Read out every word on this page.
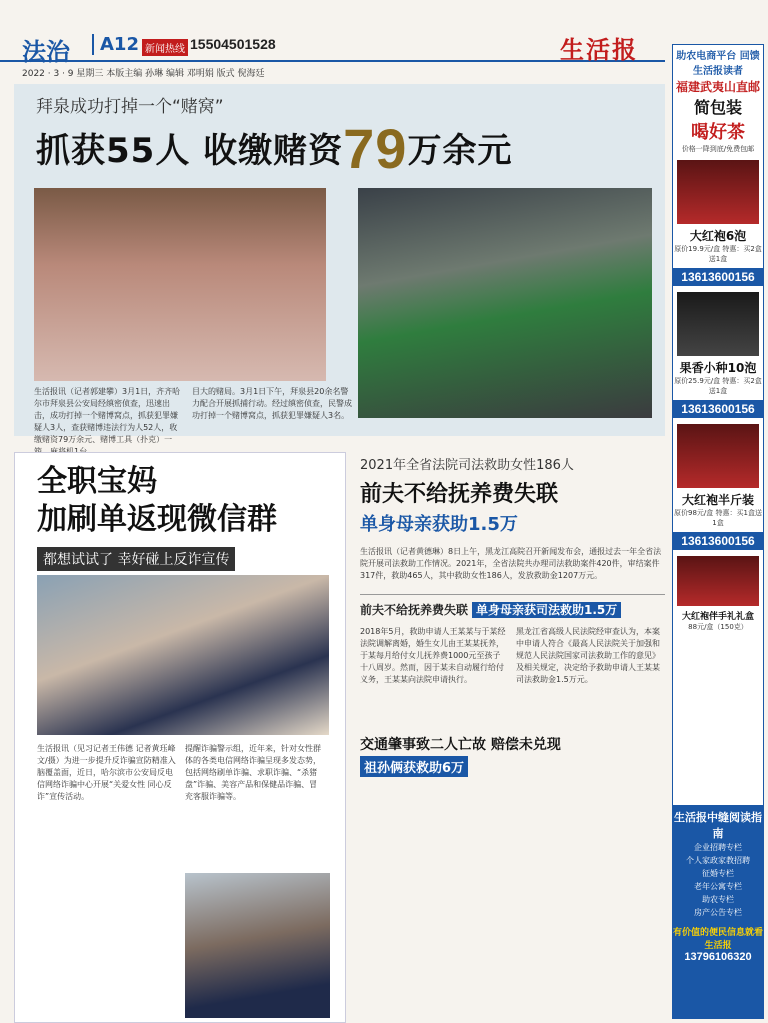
法治	A12 新闻热线 15504501528	生活报
2022 · 3 · 9 星期三 本版主编 孙琳 编辑 邓明娟 版式 倪海廷
拜泉成功打掉一个“赌窝”
抓获55人 收缴赌资79万余元
生活报讯（记者郭建攀）3月1日，齐齐哈尔市拜泉县公安局经缜密侦查，迅速出击，成功打掉一个赌博窝点，抓获犯罪嫌疑人3人，查获赌博违法行为人52人，收缴赌资79万余元、赌博工具（扑克）一
目大的赌局。3月1日下午，拜泉县20余名警力配合开展抓捕行动。经过缜密侦查，民警成功打掉一个赌博窝点，抓获犯罪嫌疑人3名。
全职宝妈
加刷单返现微信群
都想试试了 幸好碰上反诈宣传
生活报讯（见习记者王伟德 记者黄珏峰文/摄）为进一步提升反诈骗宣防精准入脑覆盖面，近日，哈尔滨市公安局反电信网络诈骗中心开展“关爱女性 同心反诈”宣传活动。
提醒诈骗警示组，近年来，针对女性群体的各类电信网络诈骗呈现多发态势，包括网络刷单诈骗、求职诈骗、“杀猪盘”诈骗、美容产品和保健品诈骗、冒充客服诈骗等。
2021年全省法院司法救助女性186人
前夫不给抚养费失联
单身母亲获助1.5万
生活报讯（记者黄德琳）8日上午，黑龙江高院召开新闻发布会，通报过去一年全省法院开展司法救助工作情况。2021年，全省法院共办理司法救助案件420件，审结案件317件，救助465人，其中救助女性186人，发放救助金1207万元。
前夫不给抚养费失联 单身母亲获司法救助1.5万
2018年5月，救助申请人王某某与于某经法院调解离婚，婚生女儿由王某某抚养，于某每月给付女儿抚养费1000元至孩子十八周岁。然而，因于某未自动履行给付义务，王某某向法院申请执行。
黑龙江省高级人民法院经审查认为，本案中申请人符合《最高人民法院关于加强和规范人民法院国家司法救助工作的意见》及相关规定，决定给予救助申请人王某某司法救助金1.5万元。
交通肇事致二人亡故 赔偿未兑现
祖孙俩获救助6万
助农电商平台 回馈生活报读者
福建武夷山直邮
简包装
喝好茶
价格一降到底/免费包邮
大红袍6泡
原价19.9元/盒 特惠：买2盒送1盒
13613600156
果香小种10泡
原价25.9元/盒 特惠：买2盒送1盒
13613600156
大红袍半斤装
原价98元/盒 特惠：买1盒送1盒
13613600156
大红袍伴手礼礼盒
88元/盒（150克）
生活报中缝阅读指南
企业招聘专栏
个人家政家教招聘
征婚专栏
老年公寓专栏
助农专栏
房产公告专栏
有价值的便民信息就看生活报
13796106320
